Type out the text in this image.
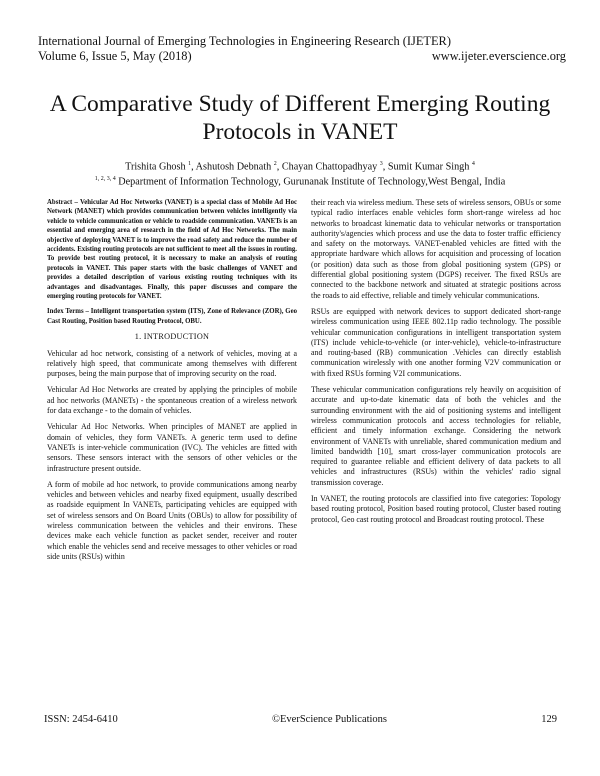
International Journal of Emerging Technologies in Engineering Research (IJETER)
Volume 6, Issue 5, May (2018)	www.ijeter.everscience.org
A Comparative Study of Different Emerging Routing Protocols in VANET
Trishita Ghosh $^1$, Ashutosh Debnath $^2$, Chayan Chattopadhyay $^3$, Sumit Kumar Singh $^4$
$^{1, 2, 3, 4}$ Department of Information Technology, Gurunanak Institute of Technology,West Bengal, India

Abstract – Vehicular Ad Hoc Networks (VANET) is a special class of Mobile Ad Hoc Network (MANET) which provides communication between vehicles intelligently via vehicle to vehicle communication or vehicle to roadside communication. VANETs is an essential and emerging area of research in the field of Ad Hoc Networks. The main objective of deploying VANET is to improve the road safety and reduce the number of accidents. Existing routing protocols are not sufficient to meet all the issues in routing. To provide best routing protocol, it is necessary to make an analysis of routing protocols in VANET. This paper starts with the basic challenges of VANET and provides a detailed description of various existing routing techniques with its advantages and disadvantages. Finally, this paper discusses and compare the emerging routing protocols for VANET.

Index Terms – Intelligent transportation system (ITS), Zone of Relevance (ZOR), Geo Cast Routing, Position based Routing Protocol, OBU.

1. INTRODUCTION

Vehicular ad hoc network, consisting of a network of vehicles, moving at a relatively high speed, that communicate among themselves with different purposes, being the main purpose that of improving security on the road.

Vehicular Ad Hoc Networks are created by applying the principles of mobile ad hoc networks (MANETs) - the spontaneous creation of a wireless network for data exchange - to the domain of vehicles.

Vehicular Ad Hoc Networks. When principles of MANET are applied in domain of vehicles, they form VANETs. A generic term used to define VANETs is inter-vehicle communication (IVC). The vehicles are fitted with sensors. These sensors interact with the sensors of other vehicles or the infrastructure present outside.

A form of mobile ad hoc network, to provide communications among nearby vehicles and between vehicles and nearby fixed equipment, usually described as roadside equipment In VANETs, participating vehicles are equipped with set of wireless sensors and On Board Units (OBUs) to allow for possibility of wireless communication between the vehicles and their environs. These devices make each vehicle function as packet sender, receiver and router which enable the vehicles send and receive messages to other vehicles or road side units (RSUs) within

their reach via wireless medium. These sets of wireless sensors, OBUs or some typical radio interfaces enable vehicles form short-range wireless ad hoc networks to broadcast kinematic data to vehicular networks or transportation authority's/agencies which process and use the data to foster traffic efficiency and safety on the motorways. VANET-enabled vehicles are fitted with the appropriate hardware which allows for acquisition and processing of location (or position) data such as those from global positioning system (GPS) or differential global positioning system (DGPS) receiver. The fixed RSUs are connected to the backbone network and situated at strategic positions across the roads to aid effective, reliable and timely vehicular communications.

RSUs are equipped with network devices to support dedicated short-range wireless communication using IEEE 802.11p radio technology. The possible vehicular communication configurations in intelligent transportation system (ITS) include vehicle-to-vehicle (or inter-vehicle), vehicle-to-infrastructure and routing-based (RB) communication .Vehicles can directly establish communication wirelessly with one another forming V2V communication or with fixed RSUs forming V2I communications.

These vehicular communication configurations rely heavily on acquisition of accurate and up-to-date kinematic data of both the vehicles and the surrounding environment with the aid of positioning systems and intelligent wireless communication protocols and access technologies for reliable, efficient and timely information exchange. Considering the network environment of VANETs with unreliable, shared communication medium and limited bandwidth [10], smart cross-layer communication protocols are required to guarantee reliable and efficient delivery of data packets to all vehicles and infrastructures (RSUs) within the vehicles' radio signal transmission coverage.

In VANET, the routing protocols are classified into five categories: Topology based routing protocol, Position based routing protocol, Cluster based routing protocol, Geo cast routing protocol and Broadcast routing protocol. These

ISSN: 2454-6410	©EverScience Publications	129
